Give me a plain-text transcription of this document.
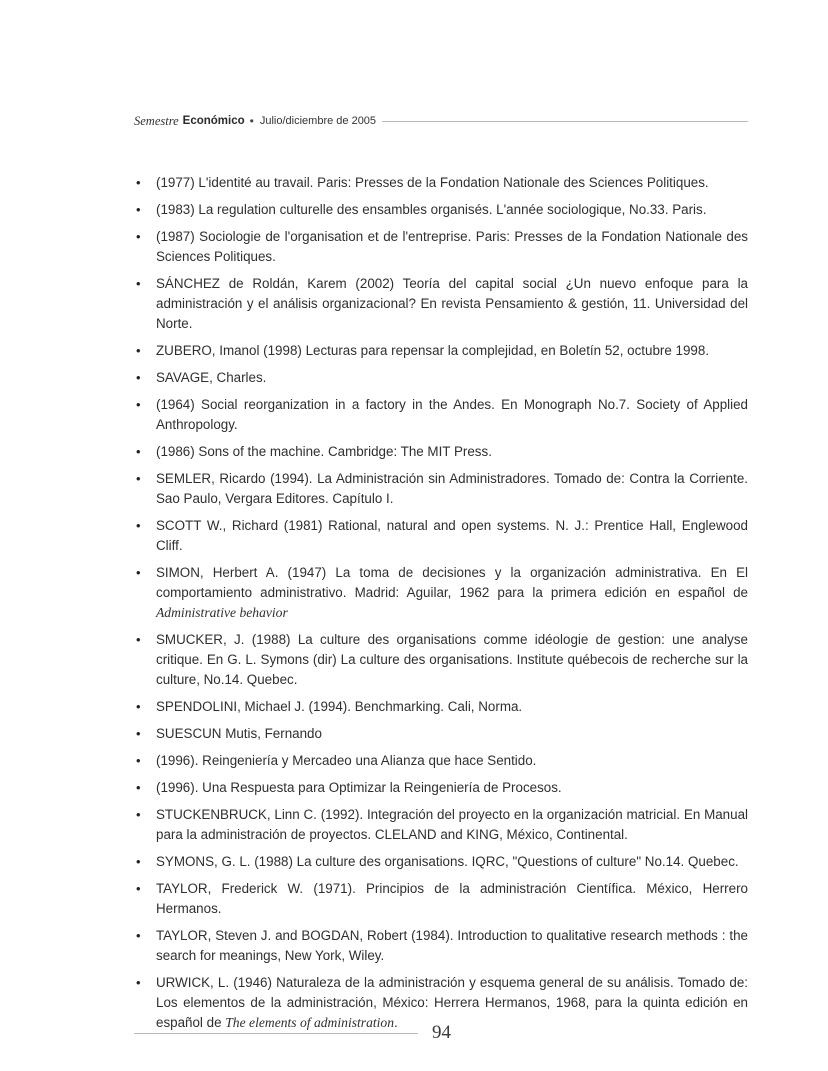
Semestre Económico • Julio/diciembre de 2005
• (1977) L'identité au travail. Paris: Presses de la Fondation Nationale des Sciences Politiques.
• (1983) La regulation culturelle des ensambles organisés. L'année sociologique, No.33. Paris.
• (1987) Sociologie de l'organisation et de l'entreprise. Paris: Presses de la Fondation Nationale des Sciences Politiques.
• SÁNCHEZ de Roldán, Karem (2002) Teoría del capital social ¿Un nuevo enfoque para la administración y el análisis organizacional? En revista Pensamiento & gestión, 11. Universidad del Norte.
• ZUBERO, Imanol (1998) Lecturas para repensar la complejidad, en Boletín 52, octubre 1998.
• SAVAGE, Charles.
• (1964) Social reorganization in a factory in the Andes. En Monograph No.7. Society of Applied Anthropology.
• (1986) Sons of the machine. Cambridge: The MIT Press.
• SEMLER, Ricardo (1994). La Administración sin Administradores. Tomado de: Contra la Corriente. Sao Paulo, Vergara Editores. Capítulo I.
• SCOTT W., Richard (1981) Rational, natural and open systems. N. J.: Prentice Hall, Englewood Cliff.
• SIMON, Herbert A. (1947) La toma de decisiones y la organización administrativa. En El comportamiento administrativo. Madrid: Aguilar, 1962 para la primera edición en español de Administrative behavior
• SMUCKER, J. (1988) La culture des organisations comme idéologie de gestion: une analyse critique. En G. L. Symons (dir) La culture des organisations. Institute québecois de recherche sur la culture, No.14. Quebec.
• SPENDOLINI, Michael J. (1994). Benchmarking. Cali, Norma.
• SUESCUN Mutis, Fernando
• (1996). Reingeniería y Mercadeo una Alianza que hace Sentido.
• (1996). Una Respuesta para Optimizar la Reingeniería de Procesos.
• STUCKENBRUCK, Linn C. (1992). Integración del proyecto en la organización matricial. En Manual para la administración de proyectos. CLELAND and KING, México, Continental.
• SYMONS, G. L. (1988) La culture des organisations. IQRC, "Questions of culture" No.14. Quebec.
• TAYLOR, Frederick W. (1971). Principios de la administración Científica. México, Herrero Hermanos.
• TAYLOR, Steven J. and BOGDAN, Robert (1984). Introduction to qualitative research methods : the search for meanings, New York, Wiley.
• URWICK, L. (1946) Naturaleza de la administración y esquema general de su análisis. Tomado de: Los elementos de la administración, México: Herrera Hermanos, 1968, para la quinta edición en español de The elements of administration.	94
